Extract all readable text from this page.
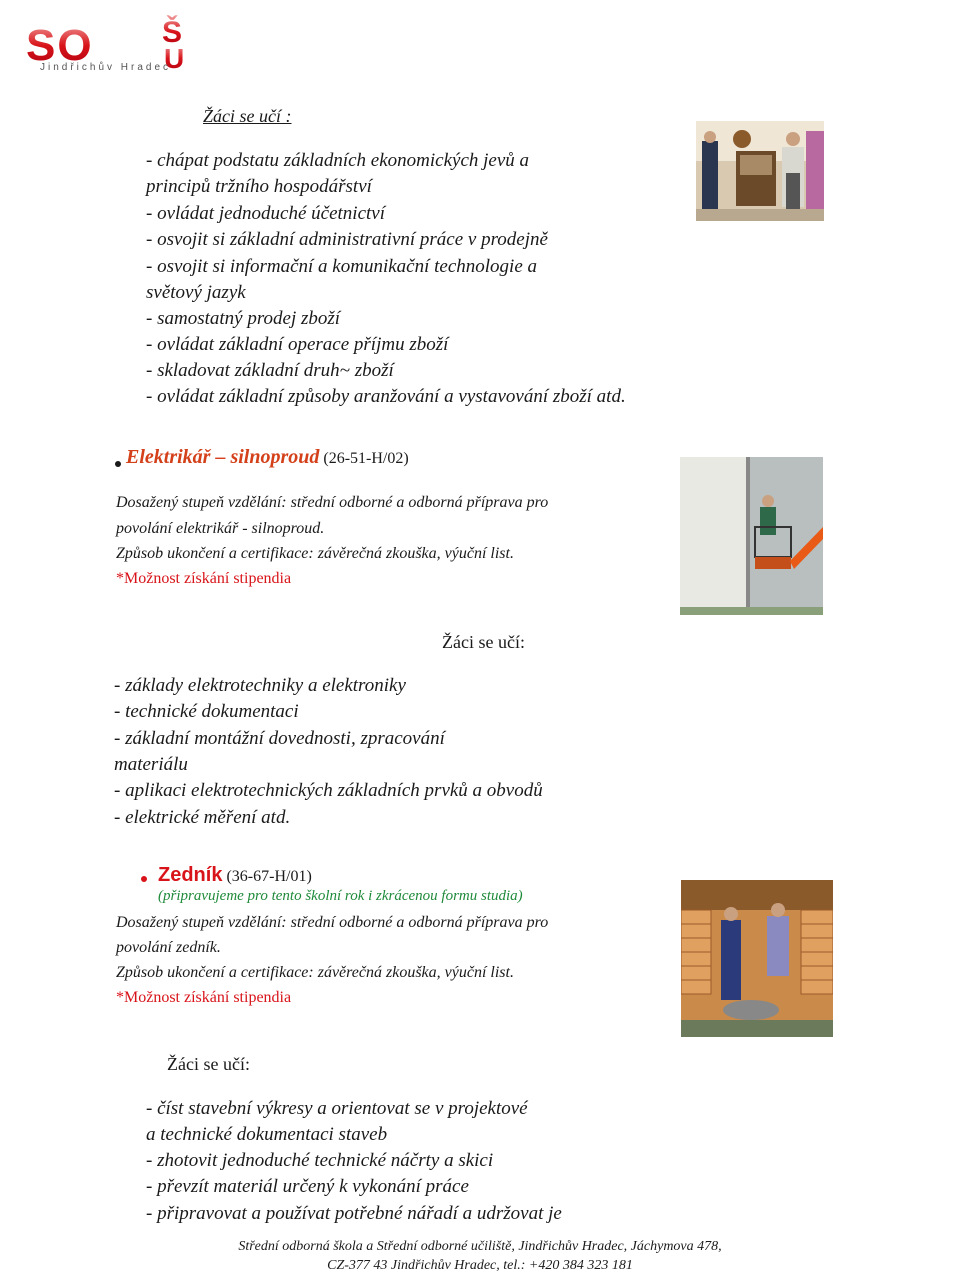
SO Š
U
Jindřichův Hradec
Žáci se učí :
- chápat podstatu základních ekonomických jevů a
principů tržního hospodářství
- ovládat jednoduché účetnictví
- osvojit si základní administrativní práce v prodejně
- osvojit si informační a komunikační technologie a
světový jazyk
- samostatný prodej zboží
- ovládat základní operace příjmu zboží
- skladovat základní druh~ zboží
- ovládat základní způsoby aranžování a vystavování zboží atd.
Elektrikář – silnoproud (26-51-H/02)
Dosažený stupeň vzdělání: střední odborné a odborná příprava pro
povolání elektrikář - silnoproud.
Způsob ukončení a certifikace: závěrečná zkouška, výuční list.
*Možnost získání stipendia
Žáci se učí:
- základy elektrotechniky a elektroniky
- technické dokumentaci
- základní montážní dovednosti, zpracování
materiálu
- aplikaci elektrotechnických základních prvků a obvodů
- elektrické měření atd.
Zedník (36-67-H/01)
(připravujeme pro tento školní rok i zkrácenou formu studia)
Dosažený stupeň vzdělání: střední odborné a odborná příprava pro
povolání zedník.
Způsob ukončení a certifikace: závěrečná zkouška, výuční list.
*Možnost získání stipendia
Žáci se učí:
- číst stavební výkresy a orientovat se v projektové
a technické dokumentaci staveb
- zhotovit jednoduché technické náčrty a skici
- převzít materiál určený k vykonání práce
- připravovat a používat potřebné nářadí a udržovat je
Střední odborná škola a Střední odborné učiliště, Jindřichův Hradec, Jáchymova 478,
CZ-377 43 Jindřichův Hradec, tel.: +420 384 323 181
